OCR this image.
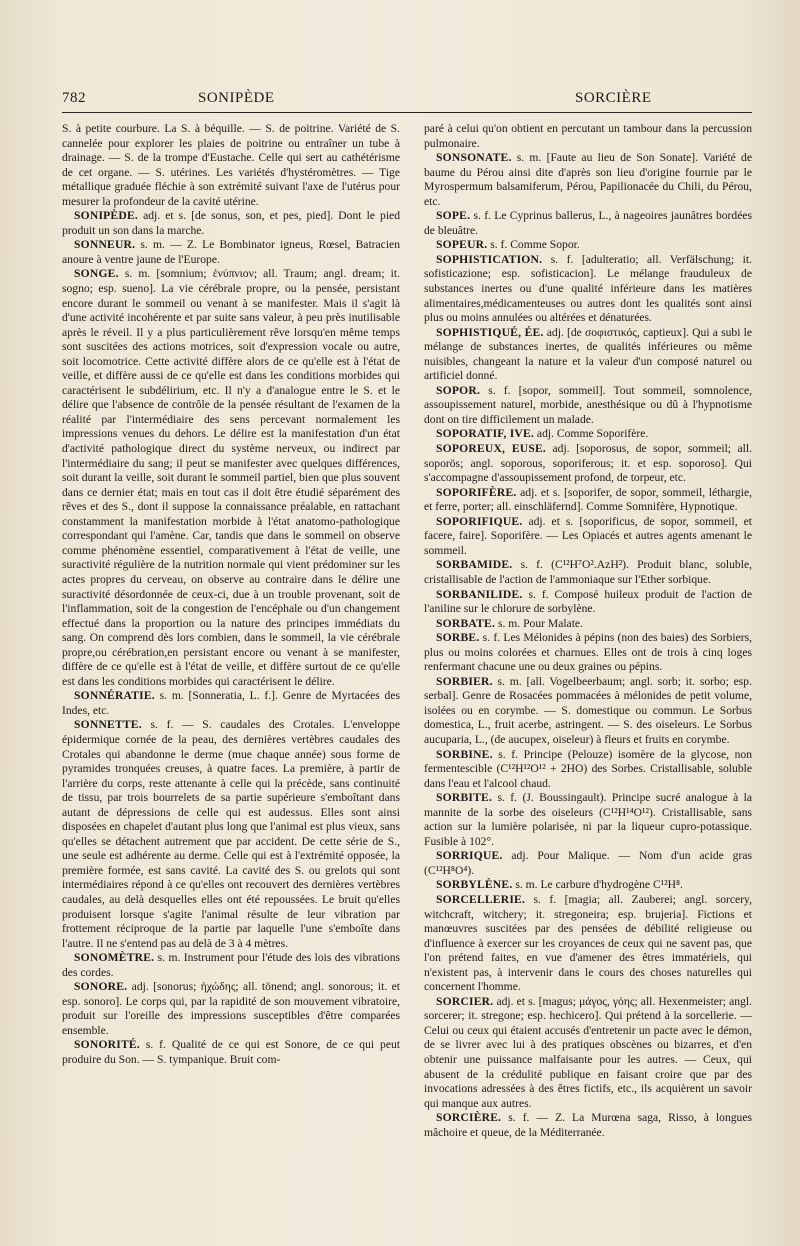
782	SONIPÈDE	SORCIÈRE

S. à petite courbure. La S. à béquille. — S. de poitrine. Variété de S. cannelée pour explorer les plaies de poitrine ou entraîner un tube à drainage. — S. de la trompe d'Eustache. Celle qui sert au cathétérisme de cet organe. — S. utérines. Les variétés d'hystéromètres. — Tige métallique graduée fléchie à son extrémité suivant l'axe de l'utérus pour mesurer la profondeur de la cavité utérine.

SONIPÈDE. adj. et s. [de sonus, son, et pes, pied]. Dont le pied produit un son dans la marche.

SONNEUR. s. m. — Z. Le Bombinator igneus, Rœsel, Batracien anoure à ventre jaune de l'Europe.

SONGE. s. m. [somnium; ἐνύπνιον; all. Traum; angl. dream; it. sogno; esp. sueno]. La vie cérébrale propre, ou la pensée, persistant encore durant le sommeil ou venant à se manifester. Mais il s'agit là d'une activité incohérente et par suite sans valeur, à peu près inutilisable après le réveil. Il y a plus particulièrement rêve lorsqu'en même temps sont suscitées des actions motrices, soit d'expression vocale ou autre, soit locomotrice. Cette activité diffère alors de ce qu'elle est à l'état de veille, et diffère aussi de ce qu'elle est dans les conditions morbides qui caractérisent le subdélirium, etc. Il n'y a d'analogue entre le S. et le délire que l'absence de contrôle de la pensée résultant de l'examen de la réalité par l'intermédiaire des sens percevant normalement les impressions venues du dehors. Le délire est la manifestation d'un état d'activité pathologique direct du système nerveux, ou indirect par l'intermédiaire du sang; il peut se manifester avec quelques différences, soit durant la veille, soit durant le sommeil partiel, bien que plus souvent dans ce dernier état; mais en tout cas il doit être étudié séparément des rêves et des S., dont il suppose la connaissance préalable, en rattachant constamment la manifestation morbide à l'état anatomo-pathologique correspondant qui l'amène. Car, tandis que dans le sommeil on observe comme phénomène essentiel, comparativement à l'état de veille, une suractivité régulière de la nutrition normale qui vient prédominer sur les actes propres du cerveau, on observe au contraire dans le délire une suractivité désordonnée de ceux-ci, due à un trouble provenant, soit de l'inflammation, soit de la congestion de l'encéphale ou d'un changement effectué dans la proportion ou la nature des principes immédiats du sang. On comprend dès lors combien, dans le sommeil, la vie cérébrale propre,ou cérébration,en persistant encore ou venant à se manifester, diffère de ce qu'elle est à l'état de veille, et diffère surtout de ce qu'elle est dans les conditions morbides qui caractérisent le délire.

SONNÉRATIE. s. m. [Sonneratia, L. f.]. Genre de Myrtacées des Indes, etc.

SONNETTE. s. f. — S. caudales des Crotales. L'enveloppe épidermique cornée de la peau, des dernières vertèbres caudales des Crotales qui abandonne le derme (mue chaque année) sous forme de pyramides tronquées creuses, à quatre faces. La première, à partir de l'arrière du corps, reste attenante à celle qui la précède, sans continuité de tissu, par trois bourrelets de sa partie supérieure s'emboîtant dans autant de dépressions de celle qui est audessus. Elles sont ainsi disposées en chapelet d'autant plus long que l'animal est plus vieux, sans qu'elles se détachent autrement que par accident. De cette série de S., une seule est adhérente au derme. Celle qui est à l'extrémité opposée, la première formée, est sans cavité. La cavité des S. ou grelots qui sont intermédiaires répond à ce qu'elles ont recouvert des dernières vertèbres caudales, au delà desquelles elles ont été repoussées. Le bruit qu'elles produisent lorsque s'agite l'animal résulte de leur vibration par frottement réciproque de la partie par laquelle l'une s'emboîte dans l'autre. Il ne s'entend pas au delà de 3 à 4 mètres.

SONOMÈTRE. s. m. Instrument pour l'étude des lois des vibrations des cordes.

SONORE. adj. [sonorus; ἠχώδης; all. tönend; angl. sonorous; it. et esp. sonoro]. Le corps qui, par la rapidité de son mouvement vibratoire, produit sur l'oreille des impressions susceptibles d'être comparées ensemble.

SONORITÉ. s. f. Qualité de ce qui est Sonore, de ce qui peut produire du Son. — S. tympanique. Bruit com-

paré à celui qu'on obtient en percutant un tambour dans la percussion pulmonaire.

SONSONATE. s. m. [Faute au lieu de Son Sonate]. Variété de baume du Pérou ainsi dite d'après son lieu d'origine fournie par le Myrospermum balsamiferum, Pérou, Papilionacée du Chili, du Pérou, etc.

SOPE. s. f. Le Cyprinus ballerus, L., à nageoires jaunâtres bordées de bleuâtre.

SOPEUR. s. f. Comme Sopor.

SOPHISTICATION. s. f. [adulteratio; all. Verfälschung; it. sofisticazione; esp. sofisticacion]. Le mélange frauduleux de substances inertes ou d'une qualité inférieure dans les matières alimentaires,médicamenteuses ou autres dont les qualités sont ainsi plus ou moins annulées ou altérées et dénaturées.

SOPHISTIQUÉ, ÉE. adj. [de σοφιστικός, captieux]. Qui a subi le mélange de substances inertes, de qualités inférieures ou même nuisibles, changeant la nature et la valeur d'un composé naturel ou artificiel donné.

SOPOR. s. f. [sopor, sommeil]. Tout sommeil, somnolence, assoupissement naturel, morbide, anesthésique ou dû à l'hypnotisme dont on tire difficilement un malade.

SOPORATIF, IVE. adj. Comme Soporifère.

SOPOREUX, EUSE. adj. [soporosus, de sopor, sommeil; all. soporös; angl. soporous, soporiferous; it. et esp. soporoso]. Qui s'accompagne d'assoupissement profond, de torpeur, etc.

SOPORIFÈRE. adj. et s. [soporifer, de sopor, sommeil, léthargie, et ferre, porter; all. einschläfernd]. Comme Somnifère, Hypnotique.

SOPORIFIQUE. adj. et s. [soporificus, de sopor, sommeil, et facere, faire]. Soporifère. — Les Opiacés et autres agents amenant le sommeil.

SORBAMIDE. s. f. (C¹²H⁷O².AzH²). Produit blanc, soluble, cristallisable de l'action de l'ammoniaque sur l'Ether sorbique.

SORBANILIDE. s. f. Composé huileux produit de l'action de l'aniline sur le chlorure de sorbylène.

SORBATE. s. m. Pour Malate.

SORBE. s. f. Les Mélonides à pépins (non des baies) des Sorbiers, plus ou moins colorées et charnues. Elles ont de trois à cinq loges renfermant chacune une ou deux graines ou pépins.

SORBIER. s. m. [all. Vogelbeerbaum; angl. sorb; it. sorbo; esp. serbal]. Genre de Rosacées pommacées à mélonides de petit volume, isolées ou en corymbe. — S. domestique ou commun. Le Sorbus domestica, L., fruit acerbe, astringent. — S. des oiseleurs. Le Sorbus aucuparia, L., (de aucupex, oiseleur) à fleurs et fruits en corymbe.

SORBINE. s. f. Principe (Pelouze) isomère de la glycose, non fermentescible (C¹²H¹²O¹² + 2HO) des Sorbes. Cristallisable, soluble dans l'eau et l'alcool chaud.

SORBITE. s. f. (J. Boussingault). Principe sucré analogue à la mannite de la sorbe des oiseleurs (C¹²H¹⁴O¹²). Cristallisable, sans action sur la lumière polarisée, ni par la liqueur cupro-potassique. Fusible à 102°.

SORRIQUE. adj. Pour Malique. — Nom d'un acide gras (C¹²H⁸O⁴).

SORBYLÈNE. s. m. Le carbure d'hydrogène C¹²H⁸.

SORCELLERIE. s. f. [magia; all. Zauberei; angl. sorcery, witchcraft, witchery; it. stregoneira; esp. brujeria]. Fictions et manœuvres suscitées par des pensées de débilité religieuse ou d'influence à exercer sur les croyances de ceux qui ne savent pas, que l'on prétend faites, en vue d'amener des êtres immatériels, qui n'existent pas, à intervenir dans le cours des choses naturelles qui concernent l'homme.

SORCIER. adj. et s. [magus; μάγος, γόης; all. Hexenmeister; angl. sorcerer; it. stregone; esp. hechicero]. Qui prétend à la sorcellerie. — Celui ou ceux qui étaient accusés d'entretenir un pacte avec le démon, de se livrer avec lui à des pratiques obscènes ou bizarres, et d'en obtenir une puissance malfaisante pour les autres. — Ceux, qui abusent de la crédulité publique en faisant croire que par des invocations adressées à des êtres fictifs, etc., ils acquièrent un savoir qui manque aux autres.

SORCIÈRE. s. f. — Z. La Murœna saga, Risso, à longues mâchoire et queue, de la Méditerranée.
